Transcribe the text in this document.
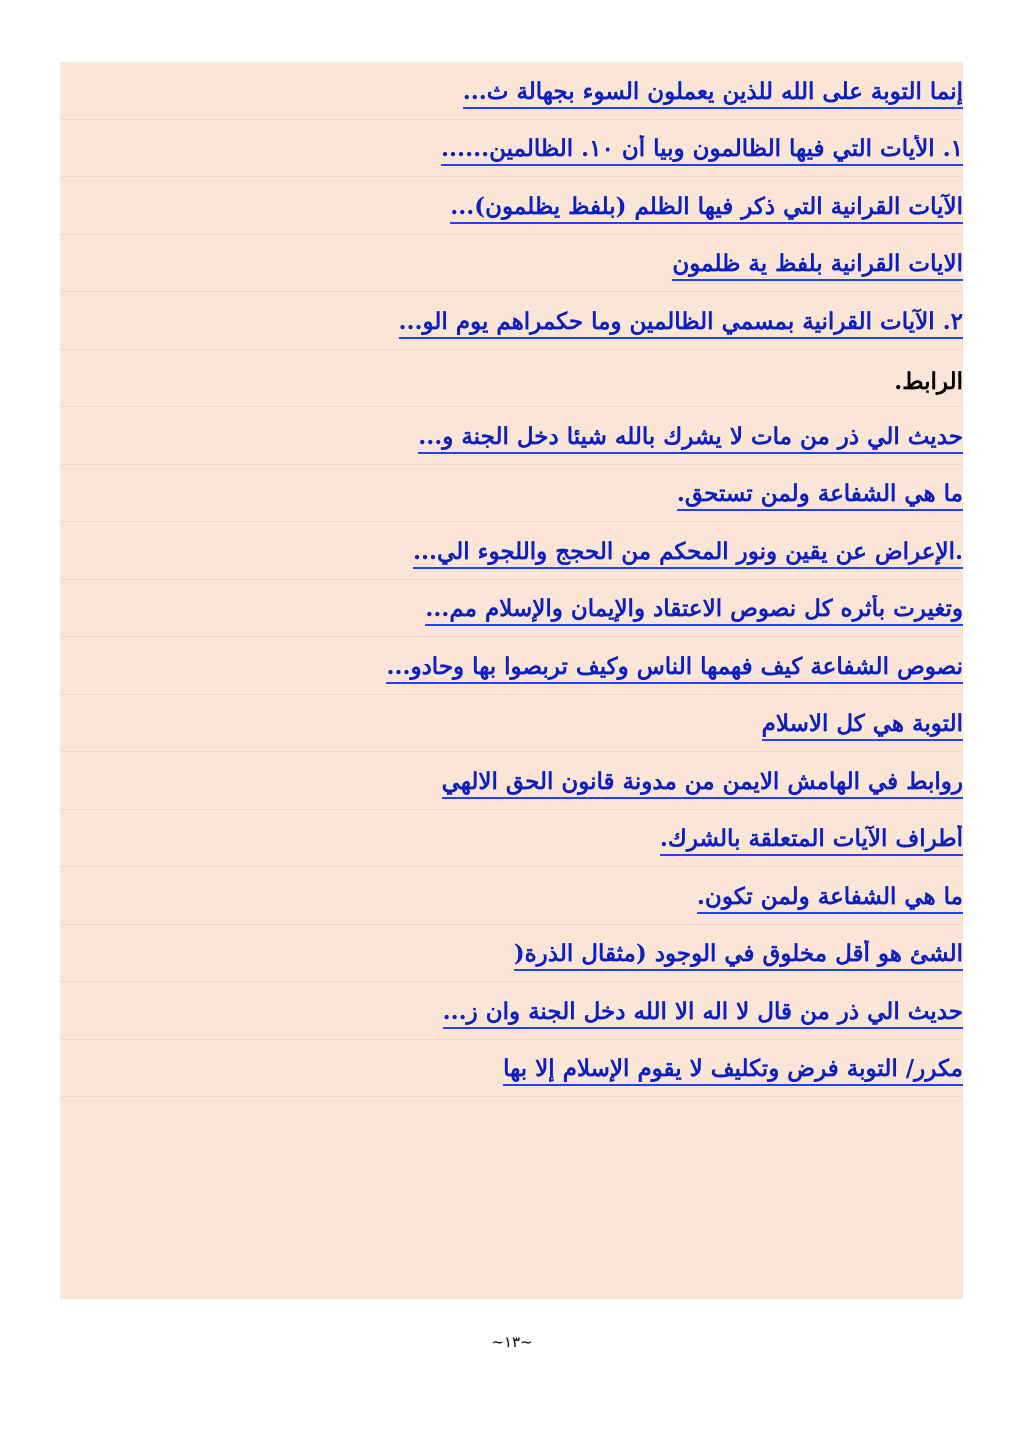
إنما التوبة على الله للذين يعملون السوء بجهالة ث...
١. الأيات التي فيها الظالمون وبيا أن ١٠. الظالمين......
الآيات القرانية التي ذكر فيها الظلم (بلفظ يظلمون)...
الايات القرانية بلفظ ية ظلمون
٢. الآيات القرانية بمسمي الظالمين وما حكمراهم يوم الو...
الرابط.
حديث الي ذر من مات لا يشرك بالله شيئا دخل الجنة و...
ما هي الشفاعة ولمن تستحق.
.الإعراض عن يقين ونور المحكم من الحجج واللجوء الي...
وتغيرت بأثره كل نصوص الاعتقاد والإيمان والإسلام مم...
نصوص الشفاعة كيف فهمها الناس وكيف تربصوا بها وحادو...
التوبة هي كل الاسلام
روابط في الهامش الايمن من مدونة قانون الحق الالهي
أطراف الآيات المتعلقة بالشرك.
ما هي الشفاعة ولمن تكون.
الشئ هو أقل مخلوق في الوجود (مثقال الذرة(
حديث الي ذر من قال لا اله الا الله دخل الجنة وان ز...
مكرر/ التوبة فرض وتكليف لا يقوم الإسلام إلا بها
~١٣~
